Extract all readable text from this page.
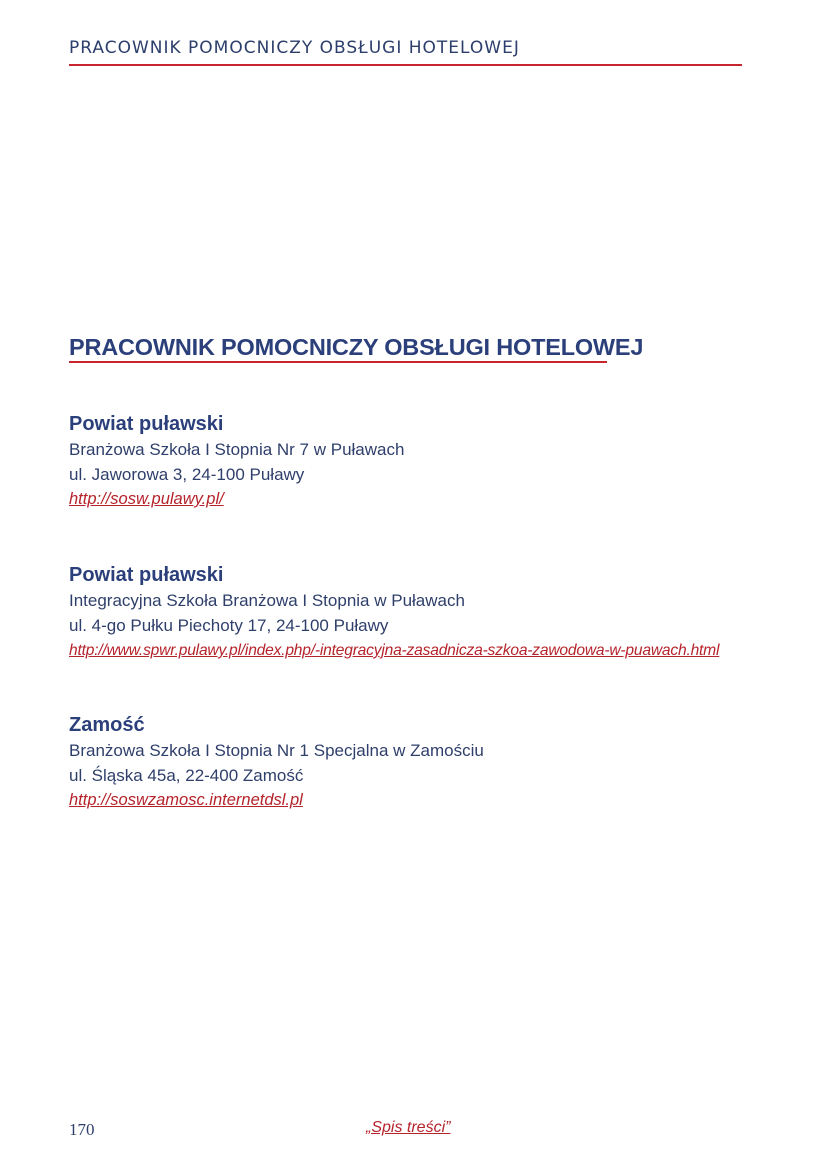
PRACOWNIK POMOCNICZY OBSŁUGI HOTELOWEJ
PRACOWNIK POMOCNICZY OBSŁUGI HOTELOWEJ
Powiat puławski
Branżowa Szkoła I Stopnia Nr 7 w Puławach
ul. Jaworowa 3, 24-100 Puławy
http://sosw.pulawy.pl/
Powiat puławski
Integracyjna Szkoła Branżowa I Stopnia w Puławach
ul. 4-go Pułku Piechoty 17, 24-100 Puławy
http://www.spwr.pulawy.pl/index.php/-integracyjna-zasadnicza-szkoa-zawodowa-w-puawach.html
Zamość
Branżowa Szkoła I Stopnia Nr 1 Specjalna w Zamościu
ul. Śląska 45a, 22-400 Zamość
http://soswzamosc.internetdsl.pl
170	„Spis treści”
